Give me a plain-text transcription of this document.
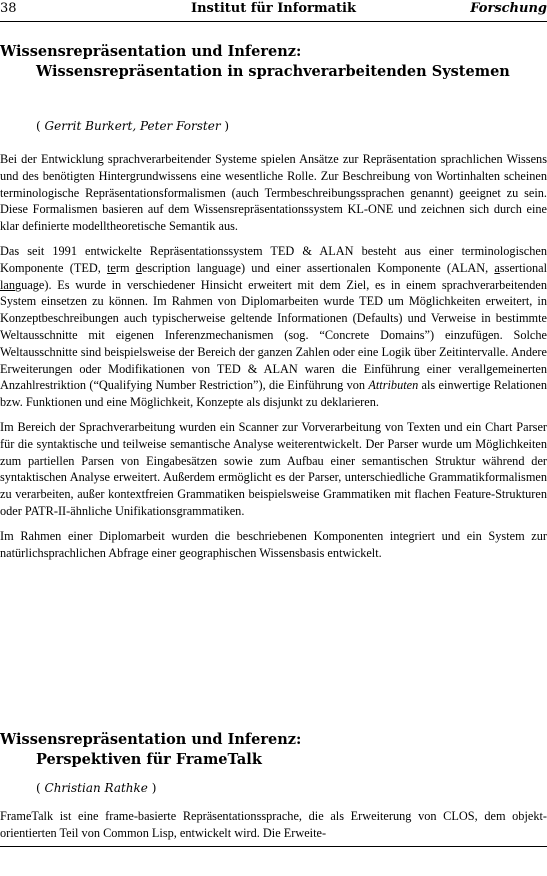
38	Institut für Informatik	Forschung
Wissensrepräsentation und Inferenz:
Wissensrepräsentation in sprachverarbeitenden Systemen
( Gerrit Burkert, Peter Forster )

Bei der Entwicklung sprachverarbeitender Systeme spielen Ansätze zur Repräsentation sprachlichen Wissens und des benötigten Hintergrundwissens eine wesentliche Rolle. Zur Beschreibung von Wortinhalten scheinen terminologische Repräsentationsformalismen (auch Termbeschreibungssprachen genannt) geeignet zu sein. Diese Formalismen basieren auf dem Wissensrepräsentationssystem KL-ONE und zeichnen sich durch eine klar definierte modelltheoretische Semantik aus.

Das seit 1991 entwickelte Repräsentationssystem TED & ALAN besteht aus einer terminologischen Komponente (TED, term description language) und einer assertionalen Komponente (ALAN, assertional language). Es wurde in verschiedener Hinsicht erweitert mit dem Ziel, es in einem sprachverarbeitenden System einsetzen zu können. Im Rahmen von Diplomarbeiten wurde TED um Möglichkeiten erweitert, in Konzeptbeschreibungen auch typischerweise geltende Informationen (Defaults) und Verweise in bestimmte Weltausschnitte mit eigenen Inferenzmechanismen (sog. “Concrete Domains”) einzufügen. Solche Weltausschnitte sind beispielsweise der Bereich der ganzen Zahlen oder eine Logik über Zeitintervalle. Andere Erweiterungen oder Modifikationen von TED & ALAN waren die Einführung einer verallgemeinerten Anzahlrestriktion (“Qualifying Number Restriction”), die Einführung von Attributen als einwertige Relationen bzw. Funktionen und eine Möglichkeit, Konzepte als disjunkt zu deklarieren.

Im Bereich der Sprachverarbeitung wurden ein Scanner zur Vorverarbeitung von Texten und ein Chart Parser für die syntaktische und teilweise semantische Analyse weiterentwickelt. Der Parser wurde um Möglichkeiten zum partiellen Parsen von Eingabesätzen sowie zum Aufbau einer semantischen Struktur während der syntaktischen Analyse erweitert. Außerdem ermöglicht es der Parser, unterschiedliche Grammatikformalismen zu verarbeiten, außer kontextfreien Grammatiken beispielsweise Grammatiken mit flachen Feature-Strukturen oder PATR-II-ähnliche Unifikationsgrammatiken.

Im Rahmen einer Diplomarbeit wurden die beschriebenen Komponenten integriert und ein System zur natürlichsprachlichen Abfrage einer geographischen Wissensbasis entwickelt.

Wissensrepräsentation und Inferenz:
Perspektiven für FrameTalk
( Christian Rathke )

FrameTalk ist eine frame-basierte Repräsentationssprache, die als Erweiterung von CLOS, dem objekt-orientierten Teil von Common Lisp, entwickelt wird. Die Erweite-
